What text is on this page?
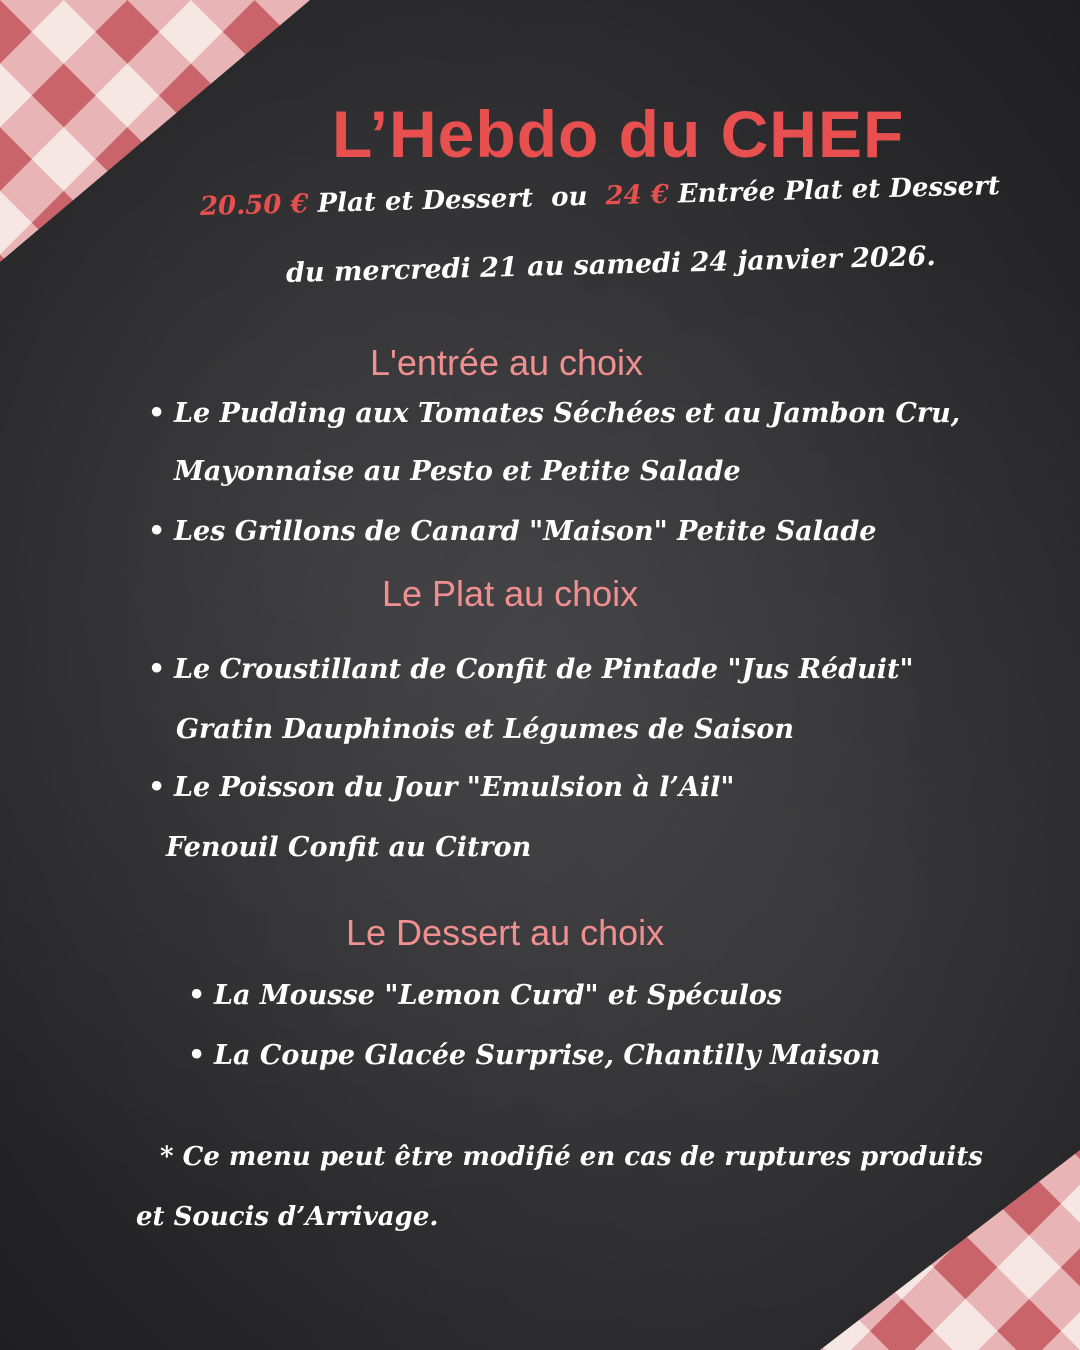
L’Hebdo du CHEF
20.50 € Plat et Dessert ou 24 € Entrée Plat et Dessert
du mercredi 21 au samedi 24 janvier 2026.
L'entrée au choix
• Le Pudding aux Tomates Séchées et au Jambon Cru,
Mayonnaise au Pesto et Petite Salade
• Les Grillons de Canard "Maison" Petite Salade
Le Plat au choix
• Le Croustillant de Confit de Pintade "Jus Réduit"
Gratin Dauphinois et Légumes de Saison
• Le Poisson du Jour "Emulsion à l’Ail"
Fenouil Confit au Citron
Le Dessert au choix
• La Mousse "Lemon Curd" et Spéculos
• La Coupe Glacée Surprise, Chantilly Maison
* Ce menu peut être modifié en cas de ruptures produits
et Soucis d’Arrivage.
